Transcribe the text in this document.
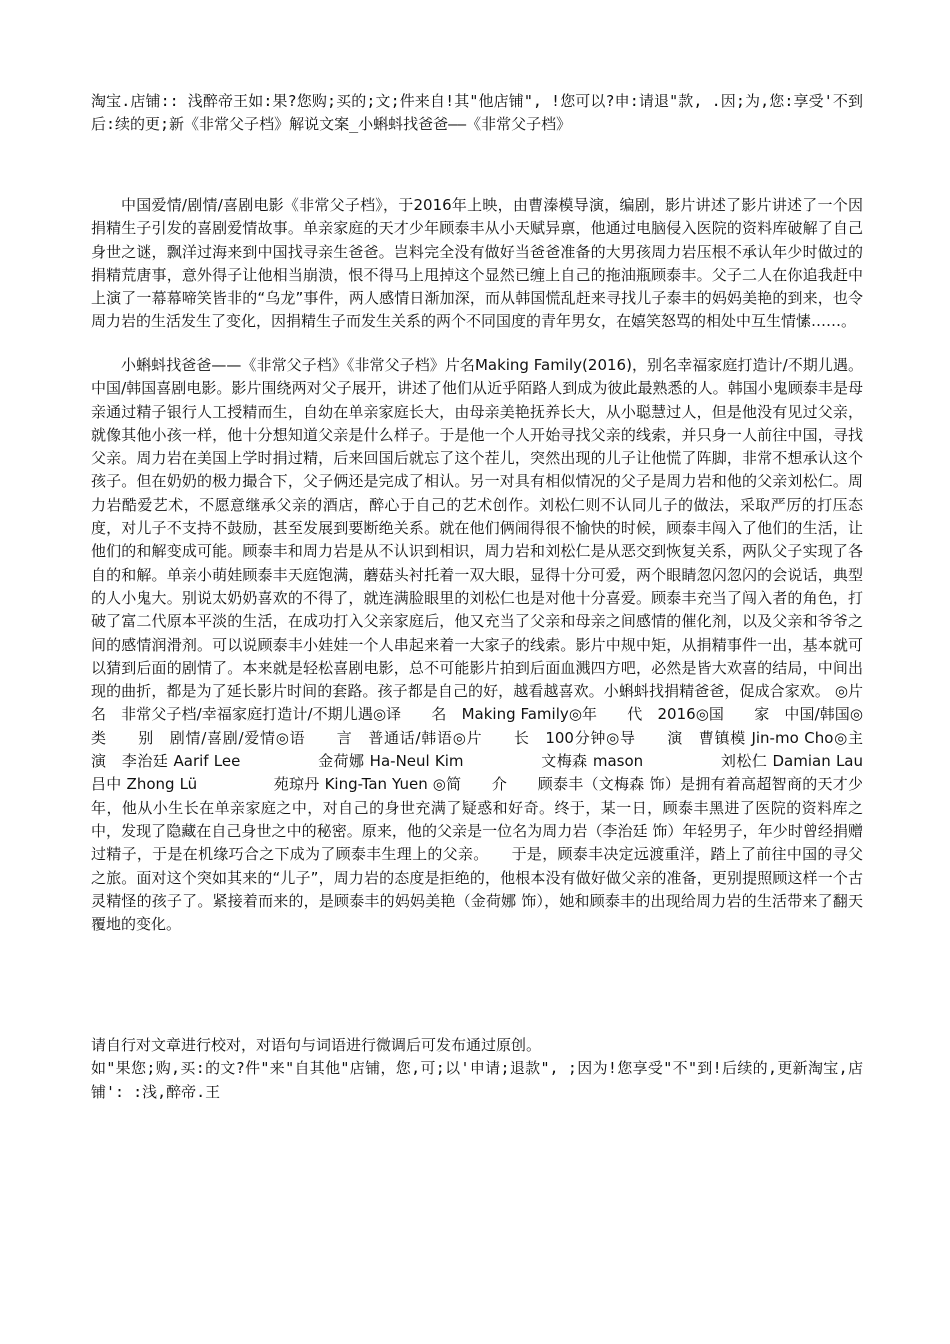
淘宝.店铺:: 浅醉帝王如:果?您购;买的;文;件来自!其"他店铺", !您可以?申:请退"款, .因;为,您:享受'不到后:续的更;新《非常父子档》解说文案_小蝌蚪找爸爸——《非常父子档》

中国爱情/剧情/喜剧电影《非常父子档》，于2016年上映，由曹溱模导演，编剧，影片讲述了影片讲述了一个因捐精生子引发的喜剧爱情故事。单亲家庭的天才少年顾泰丰从小天赋异禀，他通过电脑侵入医院的资料库破解了自己身世之谜，飘洋过海来到中国找寻亲生爸爸。岂料完全没有做好当爸爸准备的大男孩周力岩压根不承认年少时做过的捐精荒唐事，意外得子让他相当崩溃，恨不得马上甩掉这个显然已缠上自己的拖油瓶顾泰丰。父子二人在你追我赶中上演了一幕幕啼笑皆非的“乌龙”事件，两人感情日渐加深，而从韩国慌乱赶来寻找儿子泰丰的妈妈美艳的到来，也令周力岩的生活发生了变化，因捐精生子而发生关系的两个不同国度的青年男女，在嬉笑怒骂的相处中互生情愫……。

小蝌蚪找爸爸——《非常父子档》《非常父子档》片名Making Family(2016)，别名幸福家庭打造计/不期儿遇。中国/韩国喜剧电影。影片围绕两对父子展开，讲述了他们从近乎陌路人到成为彼此最熟悉的人。韩国小鬼顾泰丰是母亲通过精子银行人工授精而生，自幼在单亲家庭长大，由母亲美艳抚养长大，从小聪慧过人，但是他没有见过父亲，就像其他小孩一样，他十分想知道父亲是什么样子。于是他一个人开始寻找父亲的线索，并只身一人前往中国，寻找父亲。周力岩在美国上学时捐过精，后来回国后就忘了这个茬儿，突然出现的儿子让他慌了阵脚，非常不想承认这个孩子。但在奶奶的极力撮合下，父子俩还是完成了相认。另一对具有相似情况的父子是周力岩和他的父亲刘松仁。周力岩酷爱艺术，不愿意继承父亲的酒店，醉心于自己的艺术创作。刘松仁则不认同儿子的做法，采取严厉的打压态度，对儿子不支持不鼓励，甚至发展到要断绝关系。就在他们俩闹得很不愉快的时候，顾泰丰闯入了他们的生活，让他们的和解变成可能。顾泰丰和周力岩是从不认识到相识，周力岩和刘松仁是从恶交到恢复关系，两队父子实现了各自的和解。单亲小萌娃顾泰丰天庭饱满，蘑菇头衬托着一双大眼，显得十分可爱，两个眼睛忽闪忽闪的会说话，典型的人小鬼大。别说太奶奶喜欢的不得了，就连满脸眼里的刘松仁也是对他十分喜爱。顾泰丰充当了闯入者的角色，打破了富二代原本平淡的生活，在成功打入父亲家庭后，他又充当了父亲和母亲之间感情的催化剂，以及父亲和爷爷之间的感情润滑剂。可以说顾泰丰小娃娃一个人串起来着一大家子的线索。影片中规中矩，从捐精事件一出，基本就可以猜到后面的剧情了。本来就是轻松喜剧电影，总不可能影片拍到后面血溅四方吧，必然是皆大欢喜的结局，中间出现的曲折，都是为了延长影片时间的套路。孩子都是自己的好，越看越喜欢。小蝌蚪找捐精爸爸，促成合家欢。 ◎片　　名　非常父子档/幸福家庭打造计/不期儿遇◎译　　名　Making Family◎年　　代　2016◎国　　家　中国/韩国◎类　　别　剧情/喜剧/爱情◎语　　言　普通话/韩语◎片　　长　100分钟◎导　　演　曹镇模 Jin-mo Cho◎主　　演　李治廷 Aarif Lee　　　　　金荷娜 Ha-Neul Kim　　　　　文梅森 mason　　　　　刘松仁 Damian Lau　　　　　吕中 Zhong Lü　　　　　苑琼丹 King-Tan Yuen ◎简　　介　　顾泰丰（文梅森 饰）是拥有着高超智商的天才少年，他从小生长在单亲家庭之中，对自己的身世充满了疑惑和好奇。终于，某一日，顾泰丰黑进了医院的资料库之中，发现了隐藏在自己身世之中的秘密。原来，他的父亲是一位名为周力岩（李治廷 饰）年轻男子，年少时曾经捐赠过精子，于是在机缘巧合之下成为了顾泰丰生理上的父亲。　　于是，顾泰丰决定远渡重洋，踏上了前往中国的寻父之旅。面对这个突如其来的“儿子”，周力岩的态度是拒绝的，他根本没有做好做父亲的准备，更别提照顾这样一个古灵精怪的孩子了。紧接着而来的，是顾泰丰的妈妈美艳（金荷娜 饰），她和顾泰丰的出现给周力岩的生活带来了翻天覆地的变化。

请自行对文章进行校对，对语句与词语进行微调后可发布通过原创。
如"果您;购,买:的文?件"来"自其他"店铺，您,可;以'申请;退款", ;因为!您享受"不"到!后续的,更新淘宝,店铺': :浅,醉帝.王
